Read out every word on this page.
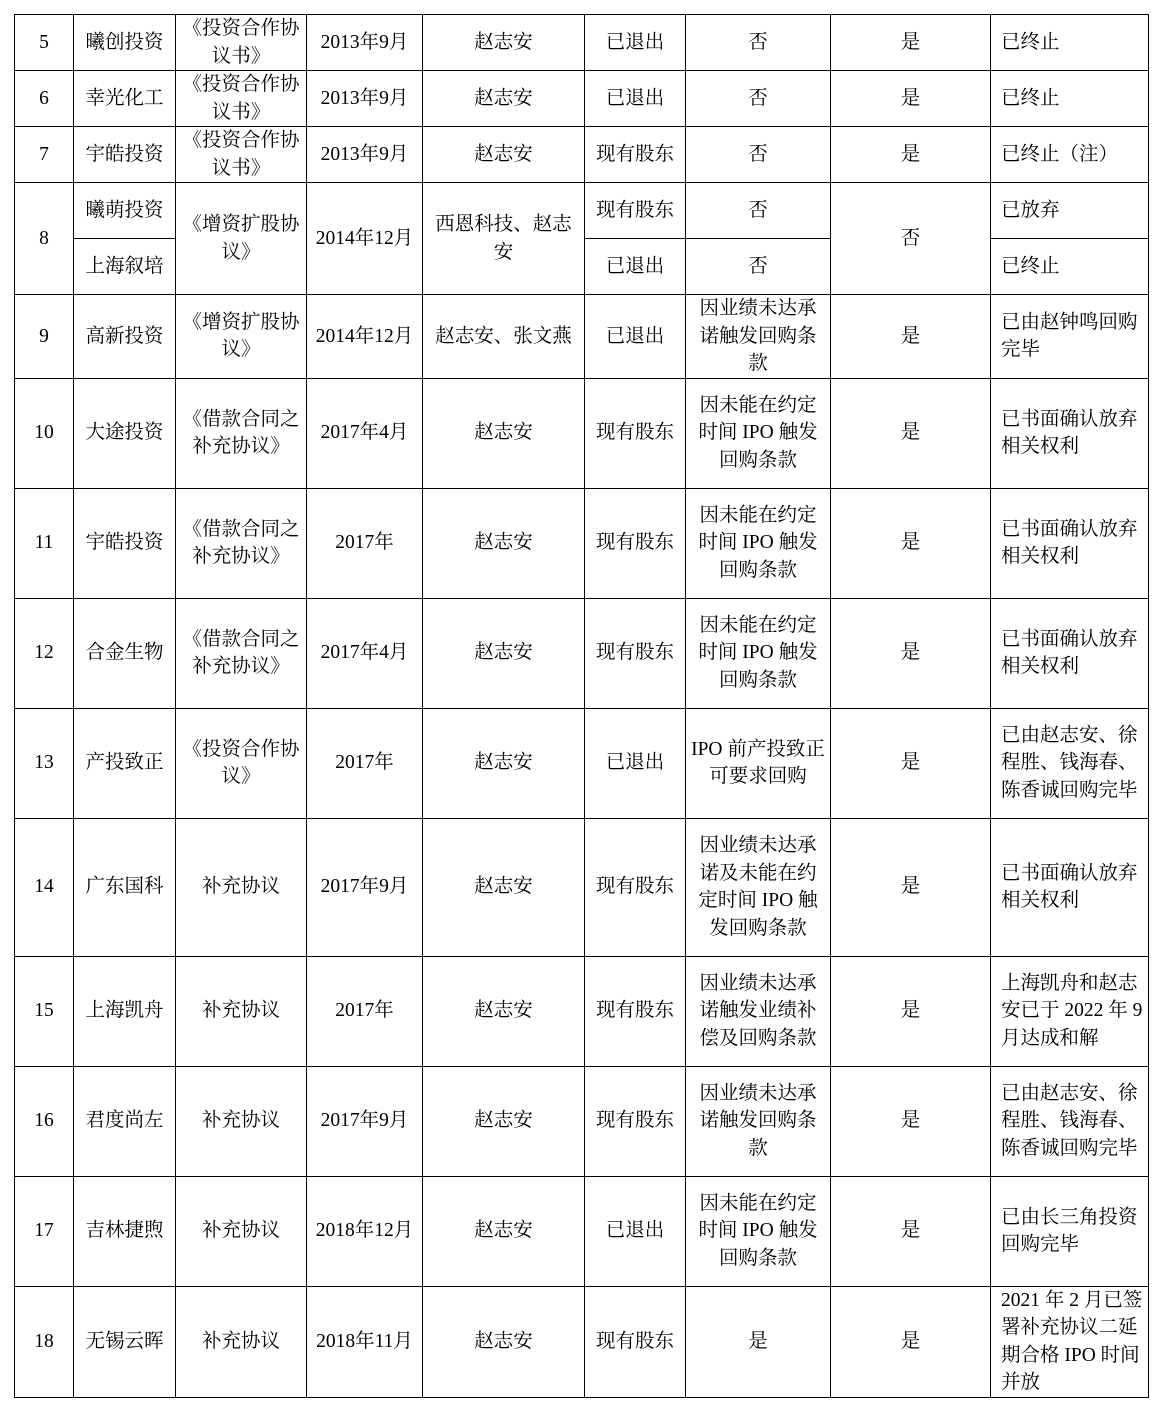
5	曦创投资	《投资合作协议书》	2013年9月	赵志安	已退出	否	是	已终止
6	幸光化工	《投资合作协议书》	2013年9月	赵志安	已退出	否	是	已终止
7	宇皓投资	《投资合作协议书》	2013年9月	赵志安	现有股东	否	是	已终止（注）
8	曦萌投资	《增资扩股协议》	2014年12月	西恩科技、赵志安	现有股东	否	否	已放弃
	上海叙培				已退出	否		已终止
9	高新投资	《增资扩股协议》	2014年12月	赵志安、张文燕	已退出	因业绩未达承诺触发回购条款	是	已由赵钟鸣回购完毕
10	大途投资	《借款合同之补充协议》	2017年4月	赵志安	现有股东	因未能在约定时间 IPO 触发回购条款	是	已书面确认放弃相关权利
11	宇皓投资	《借款合同之补充协议》	2017年	赵志安	现有股东	因未能在约定时间 IPO 触发回购条款	是	已书面确认放弃相关权利
12	合金生物	《借款合同之补充协议》	2017年4月	赵志安	现有股东	因未能在约定时间 IPO 触发回购条款	是	已书面确认放弃相关权利
13	产投致正	《投资合作协议》	2017年	赵志安	已退出	IPO 前产投致正可要求回购	是	已由赵志安、徐程胜、钱海春、陈香诚回购完毕
14	广东国科	补充协议	2017年9月	赵志安	现有股东	因业绩未达承诺及未能在约定时间 IPO 触发回购条款	是	已书面确认放弃相关权利
15	上海凯舟	补充协议	2017年	赵志安	现有股东	因业绩未达承诺触发业绩补偿及回购条款	是	上海凯舟和赵志安已于 2022 年 9 月达成和解
16	君度尚左	补充协议	2017年9月	赵志安	现有股东	因业绩未达承诺触发回购条款	是	已由赵志安、徐程胜、钱海春、陈香诚回购完毕
17	吉林捷煦	补充协议	2018年12月	赵志安	已退出	因未能在约定时间 IPO 触发回购条款	是	已由长三角投资回购完毕
18	无锡云晖	补充协议	2018年11月	赵志安	现有股东	是	是	2021 年 2 月已签署补充协议二延期合格 IPO 时间并放
